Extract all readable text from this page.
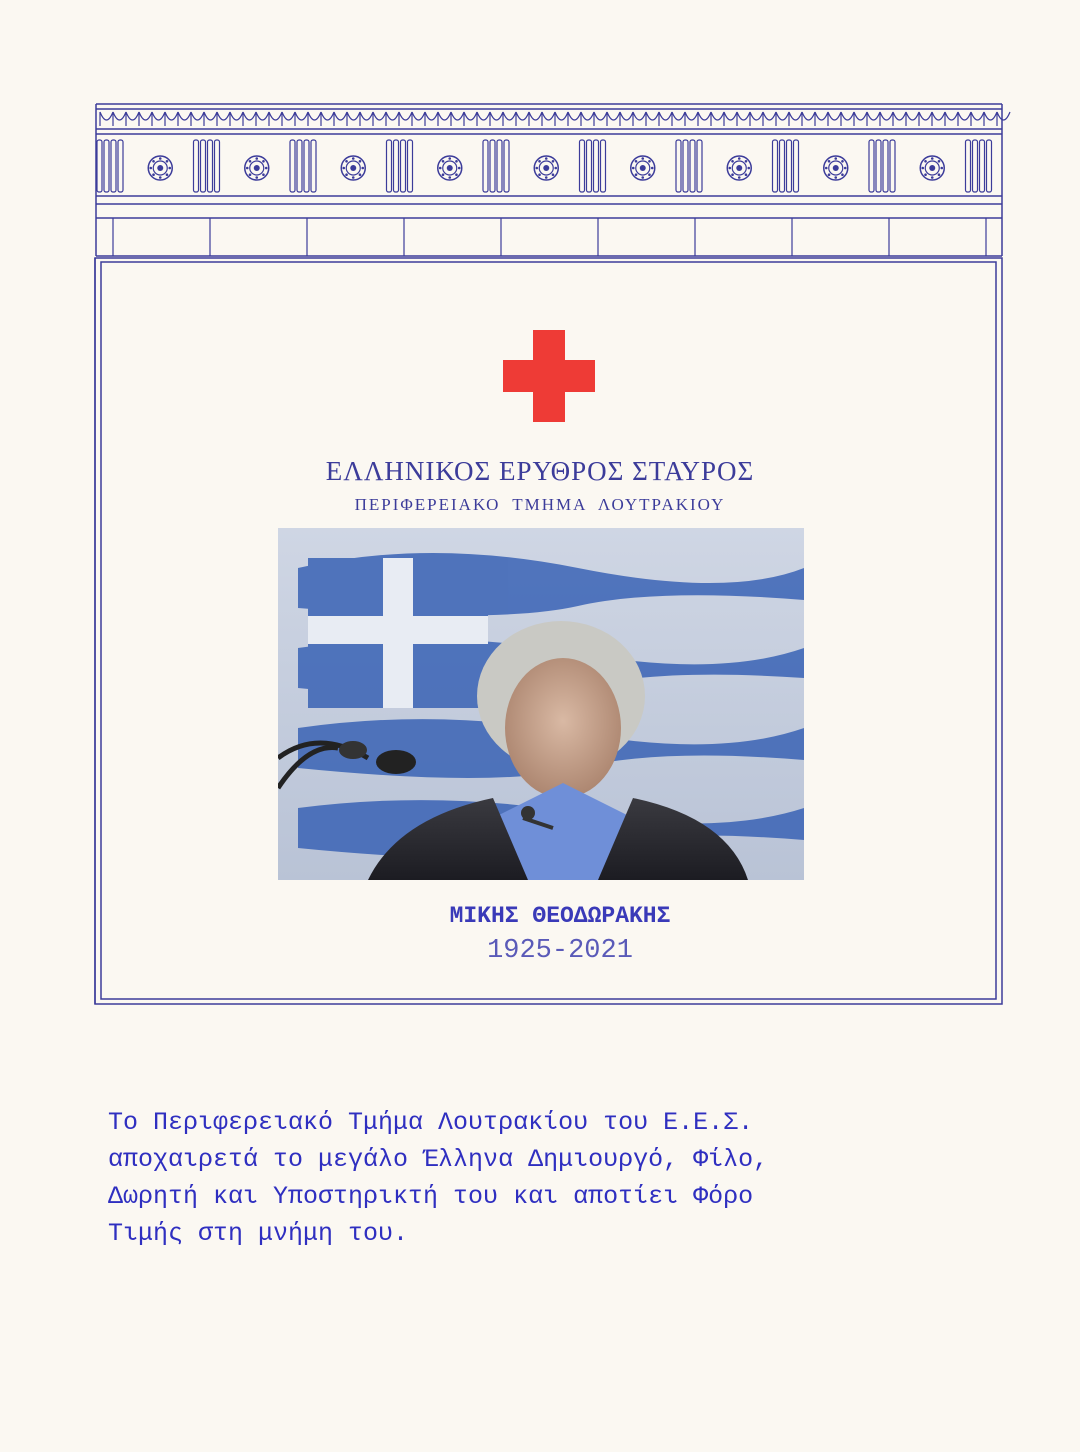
ΕΛΛΗΝΙΚΟΣ ΕΡΥΘΡΟΣ ΣΤΑΥΡΟΣ
ΠΕΡΙΦΕΡΕΙΑΚΟ ΤΜΗΜΑ ΛΟΥΤΡΑΚΙΟΥ
ΜΙΚΗΣ ΘΕΟΔΩΡΑΚΗΣ
1925-2021
Το Περιφερειακό Τμήμα Λουτρακίου του Ε.Ε.Σ.
αποχαιρετά το μεγάλο Έλληνα Δημιουργό, Φίλο,
Δωρητή και Υποστηρικτή του και αποτίει Φόρο
Τιμής στη μνήμη του.
